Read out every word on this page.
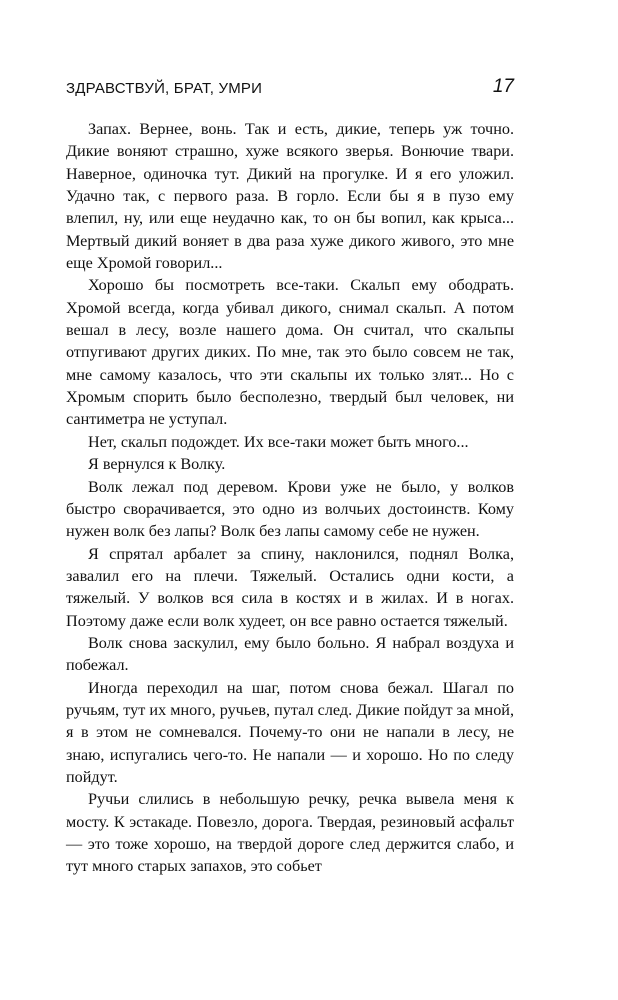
ЗДРАВСТВУЙ, БРАТ, УМРИ	17

Запах. Вернее, вонь. Так и есть, дикие, теперь уж точно. Дикие воняют страшно, хуже всякого зверья. Вонючие твари. Наверное, одиночка тут. Дикий на прогулке. И я его уложил. Удачно так, с первого раза. В горло. Если бы я в пузо ему влепил, ну, или еще неудачно как, то он бы вопил, как крыса... Мертвый дикий воняет в два раза хуже дикого живого, это мне еще Хромой говорил...

Хорошо бы посмотреть все-таки. Скальп ему ободрать. Хромой всегда, когда убивал дикого, снимал скальп. А потом вешал в лесу, возле нашего дома. Он считал, что скальпы отпугивают других диких. По мне, так это было совсем не так, мне самому казалось, что эти скальпы их только злят... Но с Хромым спорить было бесполезно, твердый был человек, ни сантиметра не уступал.

Нет, скальп подождет. Их все-таки может быть много...

Я вернулся к Волку.

Волк лежал под деревом. Крови уже не было, у волков быстро сворачивается, это одно из волчьих достоинств. Кому нужен волк без лапы? Волк без лапы самому себе не нужен.

Я спрятал арбалет за спину, наклонился, поднял Волка, завалил его на плечи. Тяжелый. Остались одни кости, а тяжелый. У волков вся сила в костях и в жилах. И в ногах. Поэтому даже если волк худеет, он все равно остается тяжелый.

Волк снова заскулил, ему было больно. Я набрал воздуха и побежал.

Иногда переходил на шаг, потом снова бежал. Шагал по ручьям, тут их много, ручьев, путал след. Дикие пойдут за мной, я в этом не сомневался. Почему-то они не напали в лесу, не знаю, испугались чего-то. Не напали — и хорошо. Но по следу пойдут.

Ручьи слились в небольшую речку, речка вывела меня к мосту. К эстакаде. Повезло, дорога. Твердая, резиновый асфальт — это тоже хорошо, на твердой дороге след держится слабо, и тут много старых запахов, это собьет
